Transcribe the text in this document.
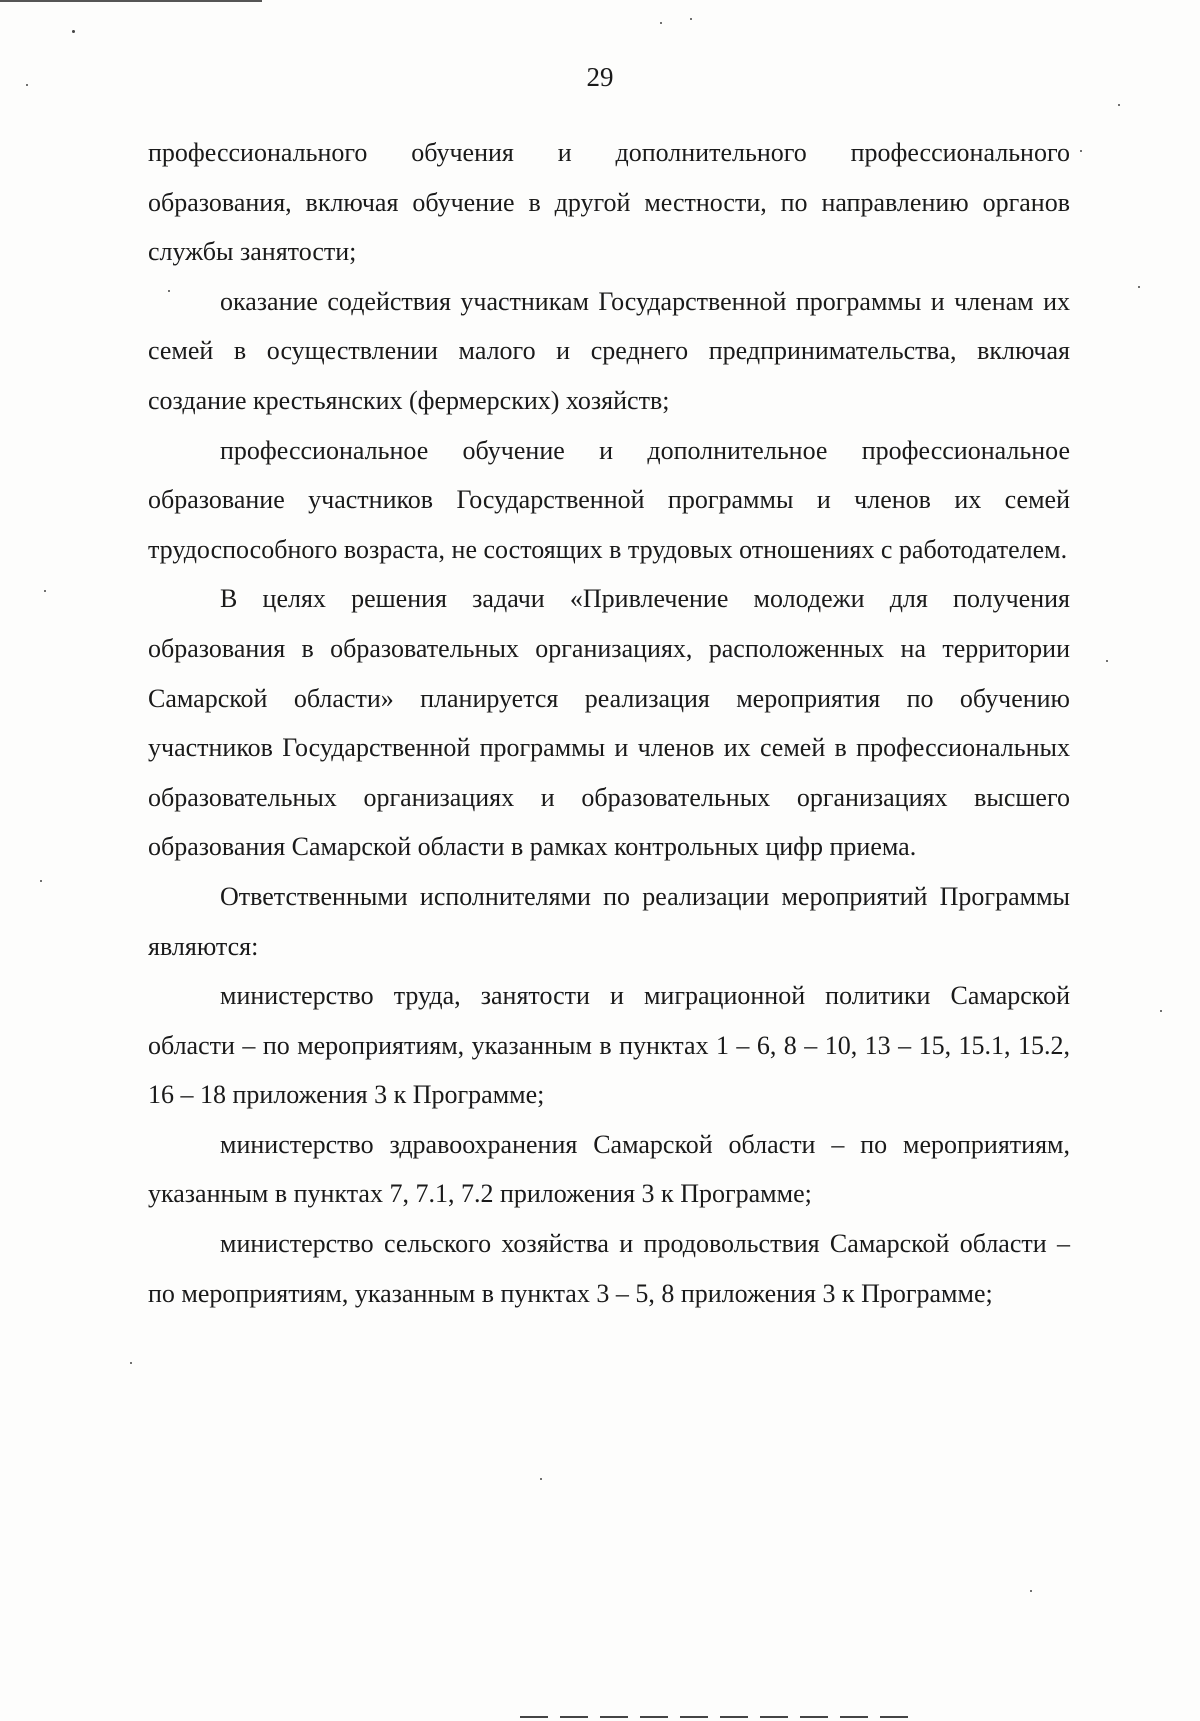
29

профессионального обучения и дополнительного профессионального образования, включая обучение в другой местности, по направлению органов службы занятости;

оказание содействия участникам Государственной программы и членам их семей в осуществлении малого и среднего предпринимательства, включая создание крестьянских (фермерских) хозяйств;

профессиональное обучение и дополнительное профессиональное образование участников Государственной программы и членов их семей трудоспособного возраста, не состоящих в трудовых отношениях с работодателем.

В целях решения задачи «Привлечение молодежи для получения образования в образовательных организациях, расположенных на территории Самарской области» планируется реализация мероприятия по обучению участников Государственной программы и членов их семей в профессиональных образовательных организациях и образовательных организациях высшего образования Самарской области в рамках контрольных цифр приема.

Ответственными исполнителями по реализации мероприятий Программы являются:

министерство труда, занятости и миграционной политики Самарской области – по мероприятиям, указанным в пунктах 1 – 6, 8 – 10, 13 – 15, 15.1, 15.2, 16 – 18 приложения 3 к Программе;

министерство здравоохранения Самарской области – по мероприятиям, указанным в пунктах 7, 7.1, 7.2 приложения 3 к Программе;

министерство сельского хозяйства и продовольствия Самарской области – по мероприятиям, указанным в пунктах 3 – 5, 8 приложения 3 к Программе;
